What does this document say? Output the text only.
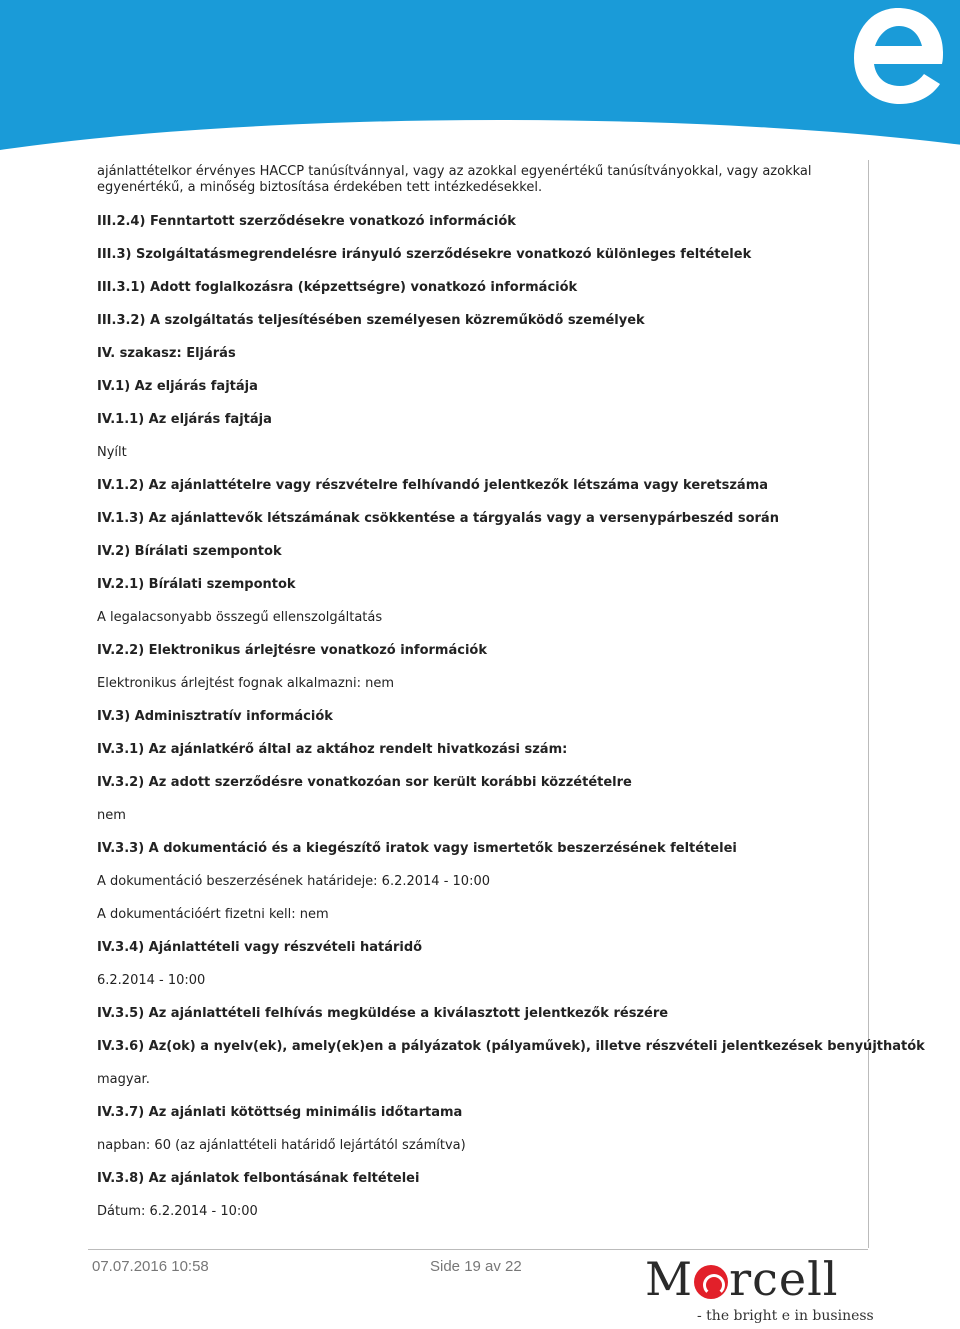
ajánlattételkor érvényes HACCP tanúsítvánnyal, vagy az azokkal egyenértékű tanúsítványokkal, vagy azokkal egyenértékű, a minőség biztosítása érdekében tett intézkedésekkel.

III.2.4) Fenntartott szerződésekre vonatkozó információk

III.3) Szolgáltatásmegrendelésre irányuló szerződésekre vonatkozó különleges feltételek

III.3.1) Adott foglalkozásra (képzettségre) vonatkozó információk

III.3.2) A szolgáltatás teljesítésében személyesen közreműködő személyek

IV. szakasz: Eljárás

IV.1) Az eljárás fajtája

IV.1.1) Az eljárás fajtája

Nyílt

IV.1.2) Az ajánlattételre vagy részvételre felhívandó jelentkezők létszáma vagy keretszáma

IV.1.3) Az ajánlattevők létszámának csökkentése a tárgyalás vagy a versenypárbeszéd során

IV.2) Bírálati szempontok

IV.2.1) Bírálati szempontok

A legalacsonyabb összegű ellenszolgáltatás

IV.2.2) Elektronikus árlejtésre vonatkozó információk

Elektronikus árlejtést fognak alkalmazni: nem

IV.3) Adminisztratív információk

IV.3.1) Az ajánlatkérő által az aktához rendelt hivatkozási szám:

IV.3.2) Az adott szerződésre vonatkozóan sor került korábbi közzétételre

nem

IV.3.3) A dokumentáció és a kiegészítő iratok vagy ismertetők beszerzésének feltételei

A dokumentáció beszerzésének határideje: 6.2.2014 - 10:00

A dokumentációért fizetni kell: nem

IV.3.4) Ajánlattételi vagy részvételi határidő

6.2.2014 - 10:00

IV.3.5) Az ajánlattételi felhívás megküldése a kiválasztott jelentkezők részére

IV.3.6) Az(ok) a nyelv(ek), amely(ek)en a pályázatok (pályaművek), illetve részvételi jelentkezések benyújthatók

magyar.

IV.3.7) Az ajánlati kötöttség minimális időtartama

napban: 60 (az ajánlattételi határidő lejártától számítva)

IV.3.8) Az ajánlatok felbontásának feltételei

Dátum: 6.2.2014 - 10:00

07.07.2016 10:58	Side 19 av 22	M rcell
- the bright e in business
